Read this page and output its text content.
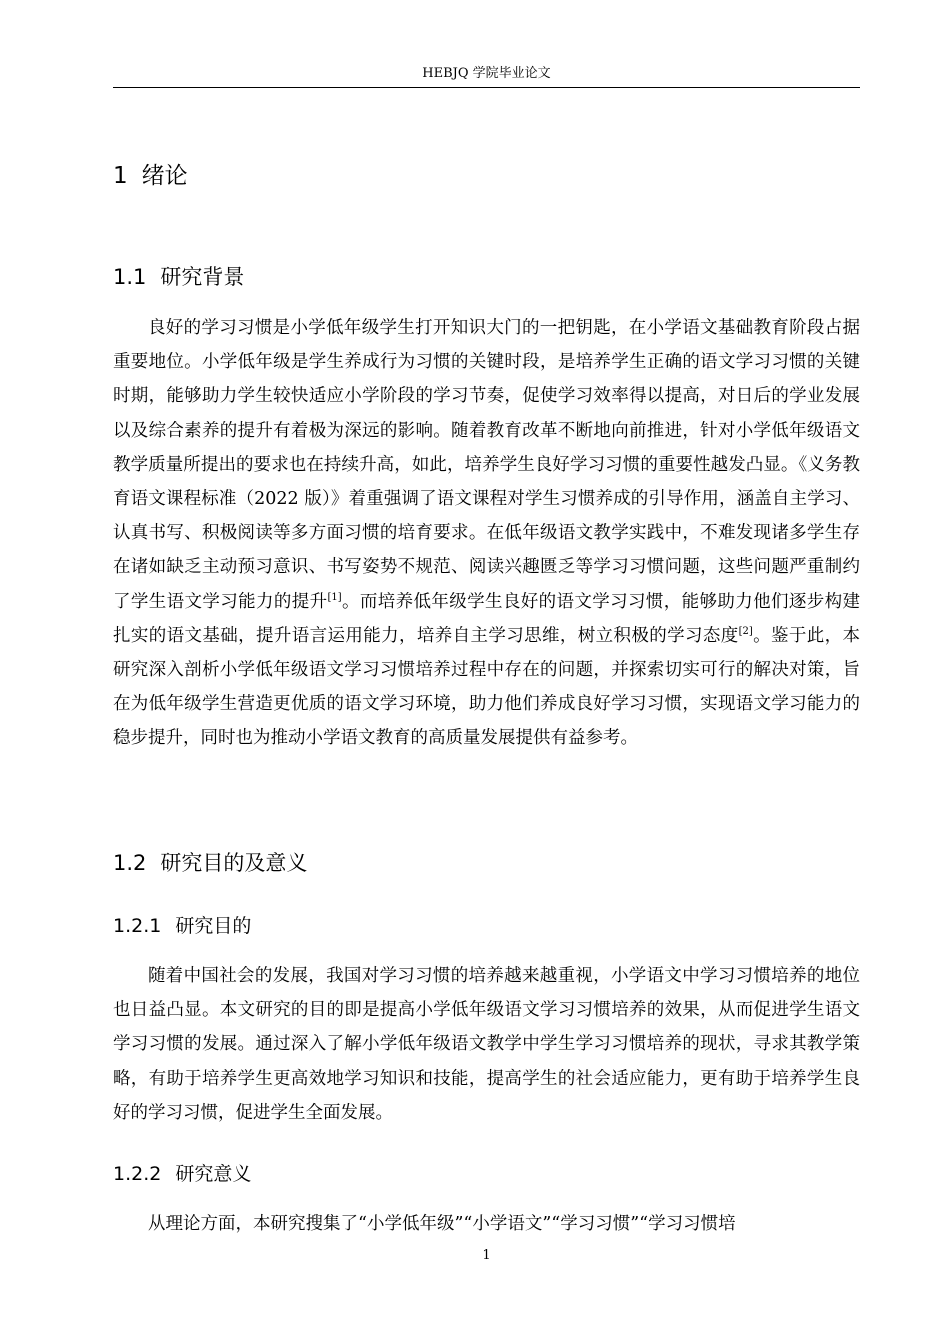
HEBJQ 学院毕业论文
1 绪论
1.1 研究背景

良好的学习习惯是小学低年级学生打开知识大门的一把钥匙，在小学语文基础教育阶段占据重要地位。小学低年级是学生养成行为习惯的关键时段，是培养学生正确的语文学习习惯的关键时期，能够助力学生较快适应小学阶段的学习节奏，促使学习效率得以提高，对日后的学业发展以及综合素养的提升有着极为深远的影响。随着教育改革不断地向前推进，针对小学低年级语文教学质量所提出的要求也在持续升高，如此，培养学生良好学习习惯的重要性越发凸显。《义务教育语文课程标准（2022 版）》着重强调了语文课程对学生习惯养成的引导作用，涵盖自主学习、认真书写、积极阅读等多方面习惯的培育要求。在低年级语文教学实践中，不难发现诸多学生存在诸如缺乏主动预习意识、书写姿势不规范、阅读兴趣匮乏等学习习惯问题，这些问题严重制约了学生语文学习能力的提升[1]。而培养低年级学生良好的语文学习习惯，能够助力他们逐步构建扎实的语文基础，提升语言运用能力，培养自主学习思维，树立积极的学习态度[2]。鉴于此，本研究深入剖析小学低年级语文学习习惯培养过程中存在的问题，并探索切实可行的解决对策，旨在为低年级学生营造更优质的语文学习环境，助力他们养成良好学习习惯，实现语文学习能力的稳步提升，同时也为推动小学语文教育的高质量发展提供有益参考。

1.2 研究目的及意义
1.2.1 研究目的

随着中国社会的发展，我国对学习习惯的培养越来越重视，小学语文中学习习惯培养的地位也日益凸显。本文研究的目的即是提高小学低年级语文学习习惯培养的效果，从而促进学生语文学习习惯的发展。通过深入了解小学低年级语文教学中学生学习习惯培养的现状，寻求其教学策略，有助于培养学生更高效地学习知识和技能，提高学生的社会适应能力，更有助于培养学生良好的学习习惯，促进学生全面发展。

1.2.2 研究意义

从理论方面，本研究搜集了“小学低年级”“小学语文”“学习习惯”“学习习惯培

1
